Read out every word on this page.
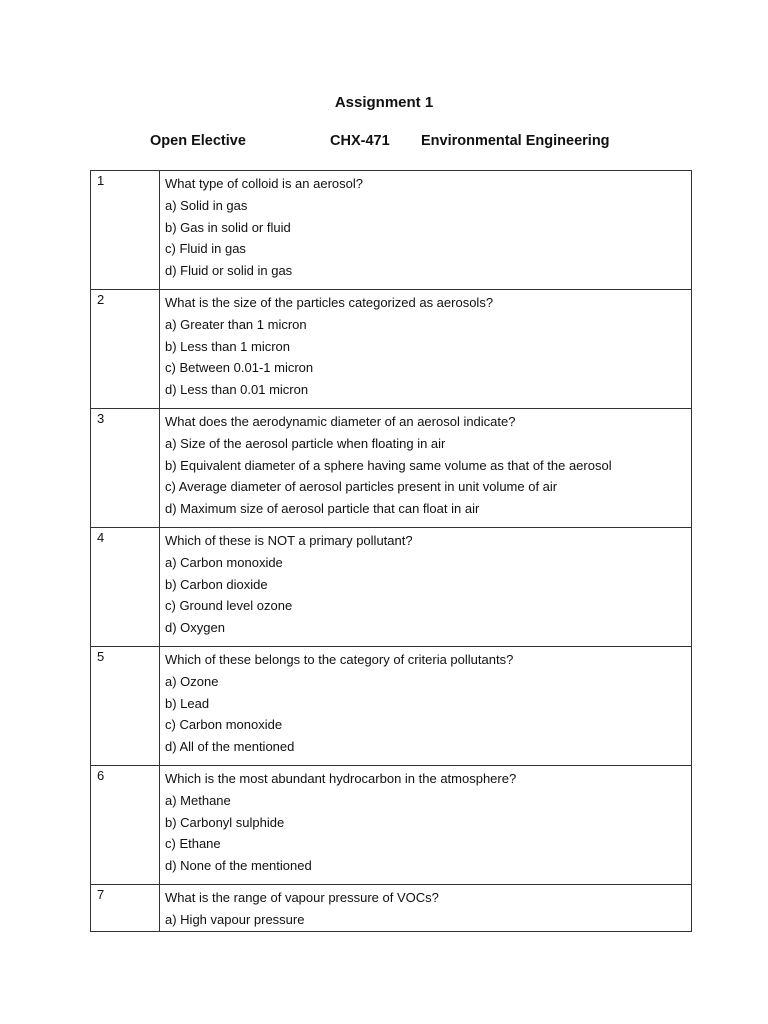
Assignment 1
Open Elective	CHX-471 Environmental Engineering
1	What type of colloid is an aerosol?
a) Solid in gas
b) Gas in solid or fluid
c) Fluid in gas
d) Fluid or solid in gas

2	What is the size of the particles categorized as aerosols?
a) Greater than 1 micron
b) Less than 1 micron
c) Between 0.01-1 micron
d) Less than 0.01 micron

3	What does the aerodynamic diameter of an aerosol indicate?
a) Size of the aerosol particle when floating in air
b) Equivalent diameter of a sphere having same volume as that of the aerosol
c) Average diameter of aerosol particles present in unit volume of air
d) Maximum size of aerosol particle that can float in air

4	Which of these is NOT a primary pollutant?
a) Carbon monoxide
b) Carbon dioxide
c) Ground level ozone
d) Oxygen

5	Which of these belongs to the category of criteria pollutants?
a) Ozone
b) Lead
c) Carbon monoxide
d) All of the mentioned

6	Which is the most abundant hydrocarbon in the atmosphere?
a) Methane
b) Carbonyl sulphide
c) Ethane
d) None of the mentioned

7	What is the range of vapour pressure of VOCs?
a) High vapour pressure
